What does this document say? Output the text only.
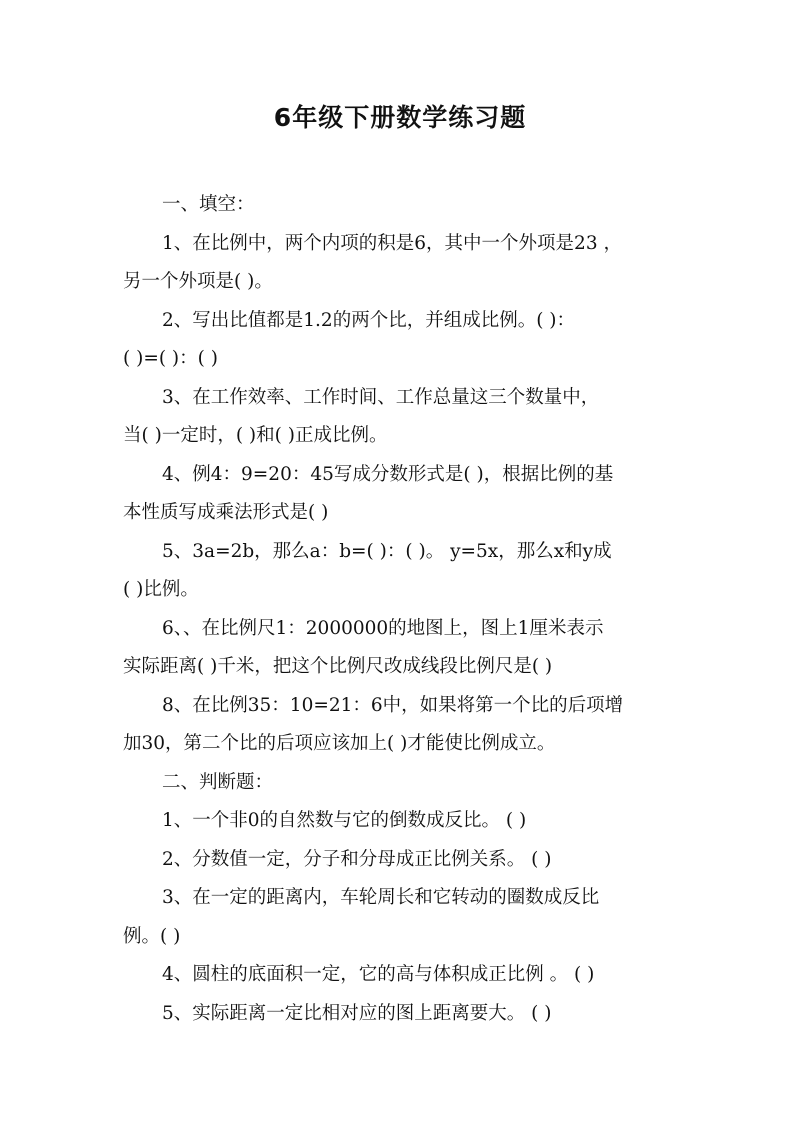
6年级下册数学练习题
一、填空：
1、在比例中，两个内项的积是6，其中一个外项是23 ，
另一个外项是( )。
2、写出比值都是1.2的两个比，并组成比例。( )：
( )=( )：( )
3、在工作效率、工作时间、工作总量这三个数量中，
当( )一定时，( )和( )正成比例。
4、例4：9=20：45写成分数形式是( )，根据比例的基
本性质写成乘法形式是( )
5、3a=2b，那么a：b=( )：( )。 y=5x，那么x和y成
( )比例。
6、、在比例尺1：2000000的地图上，图上1厘米表示
实际距离( )千米，把这个比例尺改成线段比例尺是( )
8、在比例35：10=21：6中，如果将第一个比的后项增
加30，第二个比的后项应该加上( )才能使比例成立。
二、判断题：
1、一个非0的自然数与它的倒数成反比。 ( )
2、分数值一定，分子和分母成正比例关系。 ( )
3、在一定的距离内，车轮周长和它转动的圈数成反比
例。( )
4、圆柱的底面积一定，它的高与体积成正比例 。 ( )
5、实际距离一定比相对应的图上距离要大。 ( )
